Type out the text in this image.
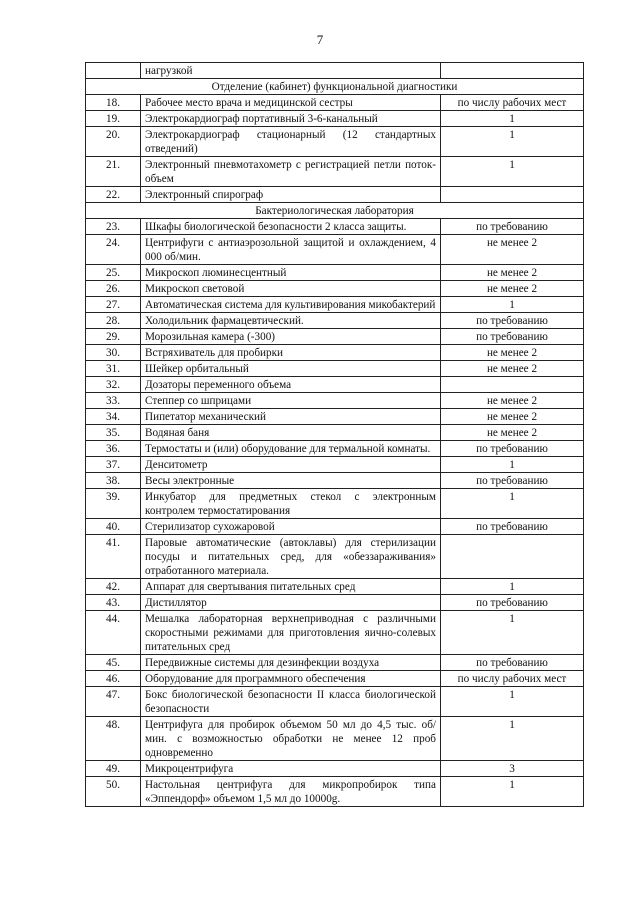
7
	нагрузкой	
Отделение (кабинет) функциональной диагностики		
18.	Рабочее место врача и медицинской сестры	по числу рабочих мест
19.	Электрокардиограф портативный 3-6-канальный	1
20.	Электрокардиограф стационарный (12 стандартных отведений)	1
21.	Электронный пневмотахометр с регистрацией петли поток-объем	1
22.	Электронный спирограф	
Бактериологическая лаборатория		
23.	Шкафы биологической безопасности 2 класса защиты.	по требованию
24.	Центрифуги с антиаэрозольной защитой и охлаждением, 4 000 об/мин.	не менее 2
25.	Микроскоп люминесцентный	не менее 2
26.	Микроскоп световой	не менее 2
27.	Автоматическая система для культивирования микобактерий	1
28.	Холодильник фармацевтический.	по требованию
29.	Морозильная камера (-300)	по требованию
30.	Встряхиватель для пробирки	не менее 2
31.	Шейкер орбитальный	не менее 2
32.	Дозаторы переменного объема	
33.	Степпер со шприцами	не менее 2
34.	Пипетатор механический	не менее 2
35.	Водяная баня	не менее 2
36.	Термостаты и (или) оборудование для термальной комнаты.	по требованию
37.	Денситометр	1
38.	Весы электронные	по требованию
39.	Инкубатор для предметных стекол с электронным контролем термостатирования	1
40.	Стерилизатор сухожаровой	по требованию
41.	Паровые автоматические (автоклавы) для стерилизации посуды и питательных сред, для «обеззараживания» отработанного материала.	
42.	Аппарат для свертывания питательных сред	1
43.	Дистиллятор	по требованию
44.	Мешалка лабораторная верхнеприводная с различными скоростными режимами для приготовления яично-солевых питательных сред	1
45.	Передвижные системы для дезинфекции воздуха	по требованию
46.	Оборудование для программного обеспечения	по числу рабочих мест
47.	Бокс биологической безопасности II класса биологической безопасности	1
48.	Центрифуга для пробирок объемом 50 мл до 4,5 тыс. об/мин. с возможностью обработки не менее 12 проб одновременно	1
49.	Микроцентрифуга	3
50.	Настольная центрифуга для микропробирок типа «Эппендорф» объемом 1,5 мл до 10000g.	1
